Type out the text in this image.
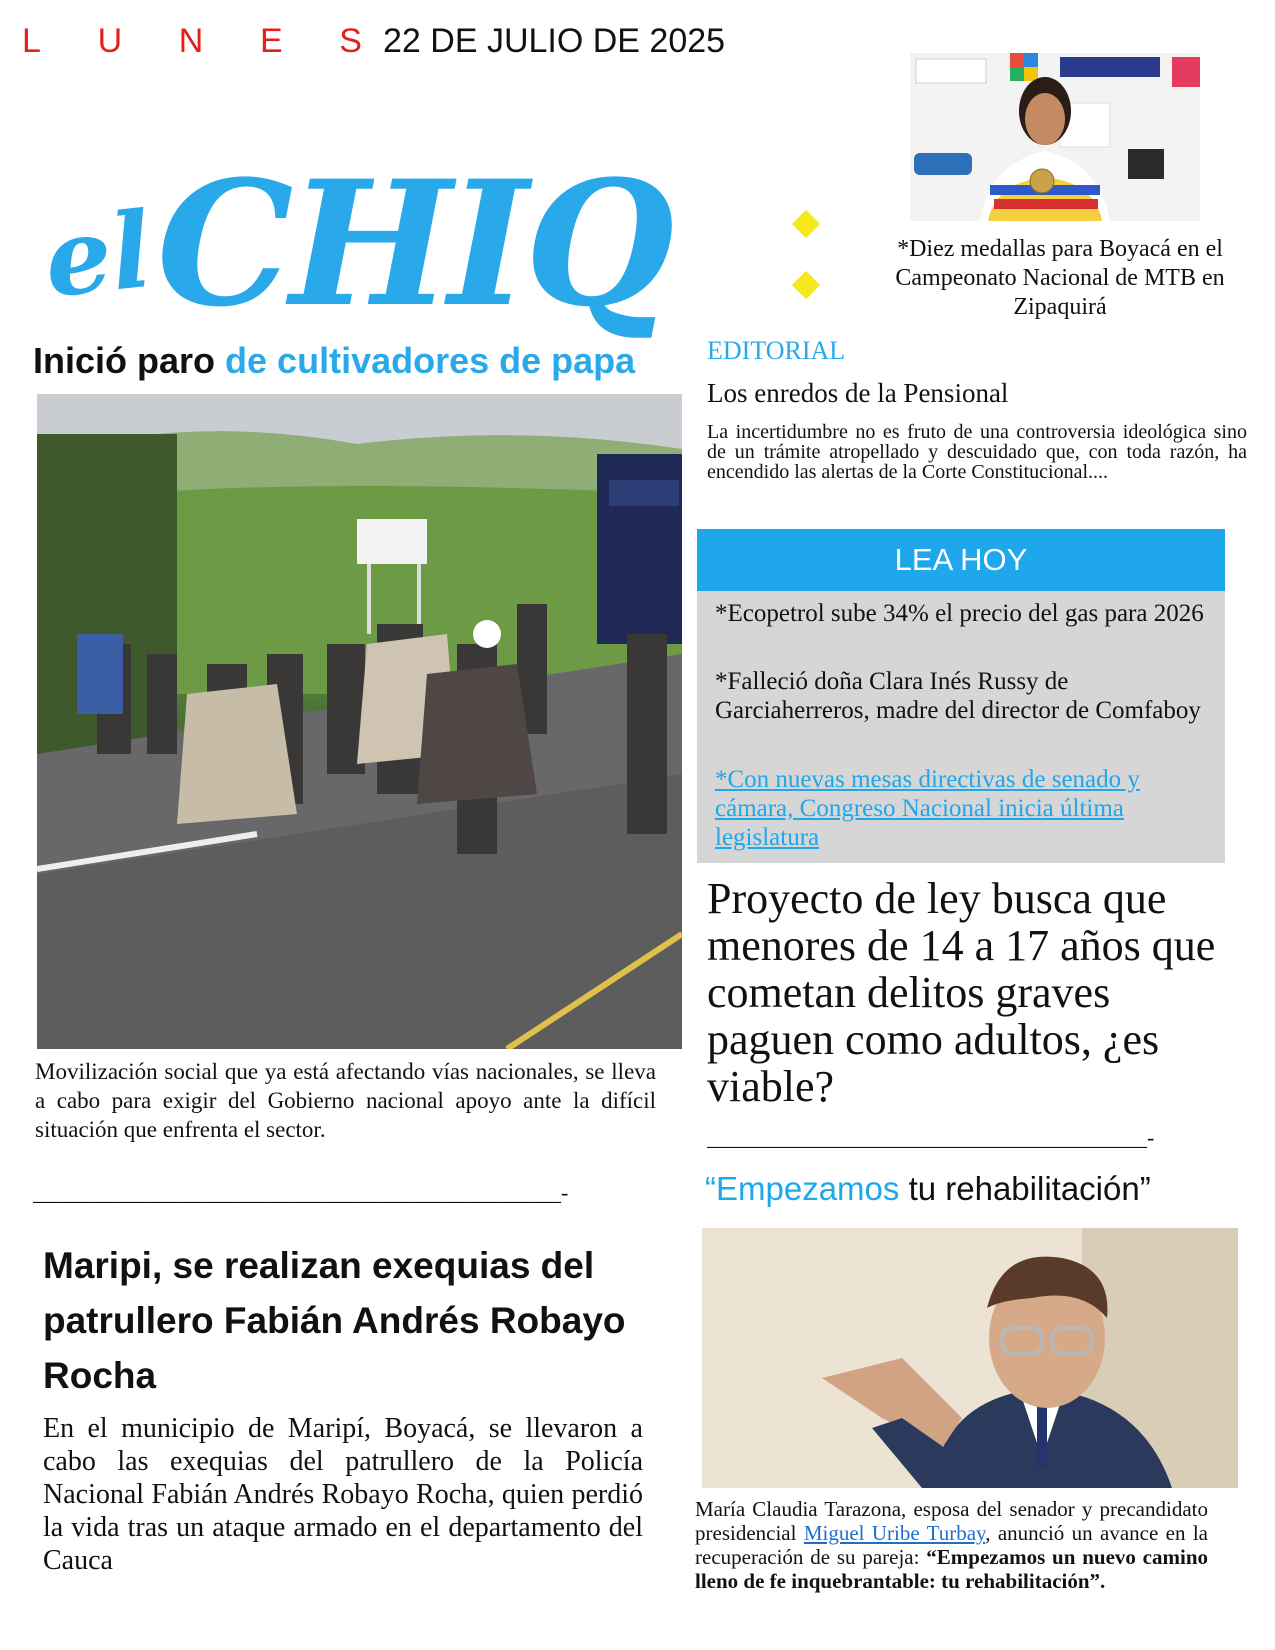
L U N E S 22 DE JULIO DE 2025
el CHIQ	*Diez medallas para Boyacá en el Campeonato Nacional de MTB en Zipaquirá
Inició paro de cultivadores de papa
Movilización social que ya está afectando vías nacionales, se lleva a cabo para exigir del Gobierno nacional apoyo ante la difícil situación que enfrenta el sector.
________________________________________________-
EDITORIAL
Los enredos de la Pensional
La incertidumbre no es fruto de una controversia ideológica sino de un trámite atropellado y descuidado que, con toda razón, ha encendido las alertas de la Corte Constitucional....
LEA HOY
*Ecopetrol sube 34% el precio del gas para 2026
*Falleció doña Clara Inés Russy de Garciaherreros, madre del director de Comfaboy
*Con nuevas mesas directivas de senado y cámara, Congreso Nacional inicia última legislatura
Proyecto de ley busca que menores de 14 a 17 años que cometan delitos graves paguen como adultos, ¿es viable?
________________________________________-
“Empezamos tu rehabilitación”
María Claudia Tarazona, esposa del senador y precandidato presidencial Miguel Uribe Turbay, anunció un avance en la recuperación de su pareja: “Empezamos un nuevo camino lleno de fe inquebrantable: tu rehabilitación”.
Maripi, se realizan exequias del patrullero Fabián Andrés Robayo Rocha
En el municipio de Maripí, Boyacá, se llevaron a cabo las exequias del patrullero de la Policía Nacional Fabián Andrés Robayo Rocha, quien perdió la vida tras un ataque armado en el departamento del Cauca
